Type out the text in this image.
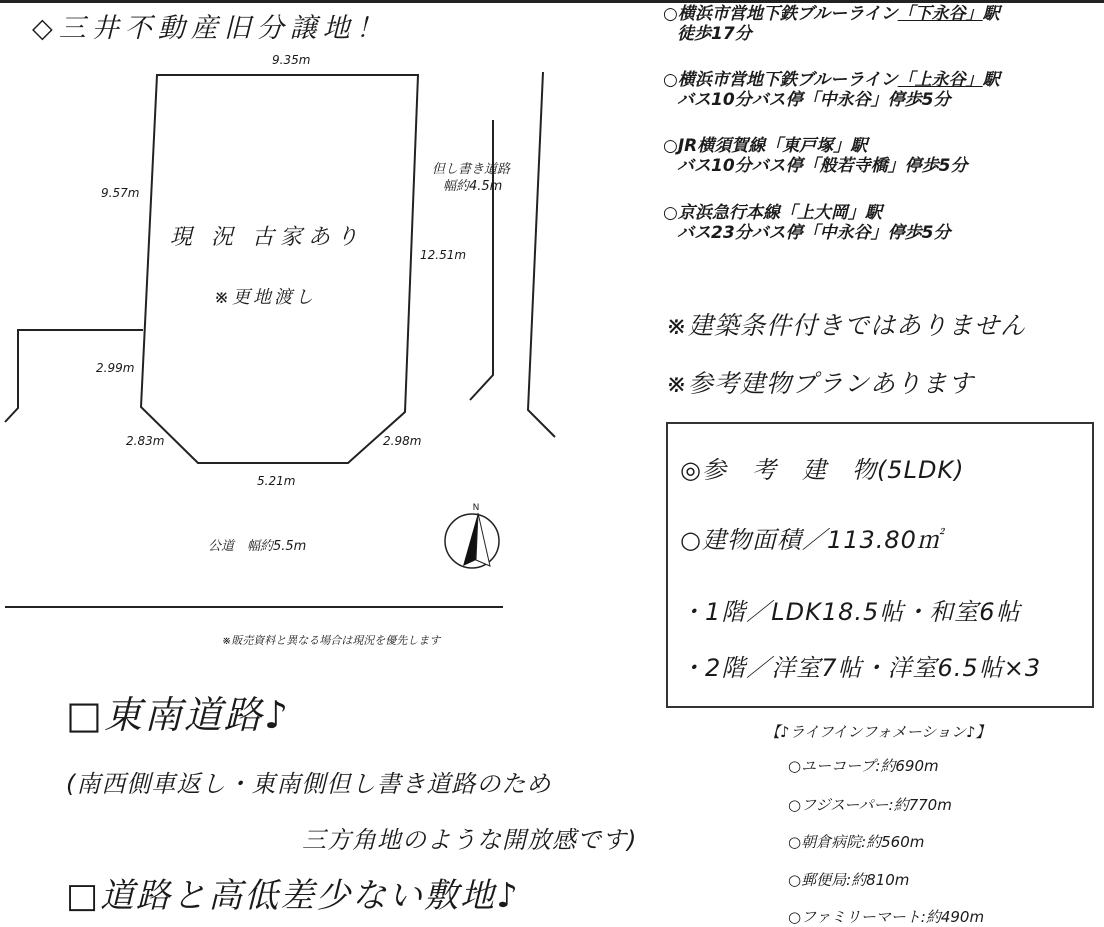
◇三井不動産旧分譲地！
N
9.35m
9.57m
12.51m
2.99m
2.83m	2.98m
5.21m
但し書き道路
幅約4.5m
現 況 古家あり
※更地渡し
公道　幅約5.5m
※販売資料と異なる場合は現況を優先します
○横浜市営地下鉄ブルーライン「下永谷」駅
徒歩17分
○横浜市営地下鉄ブルーライン「上永谷」駅
バス10分バス停「中永谷」停歩5分
○JR横須賀線「東戸塚」駅
バス10分バス停「般若寺橋」停歩5分
○京浜急行本線「上大岡」駅
バス23分バス停「中永谷」停歩5分
※建築条件付きではありません
※参考建物プランあります
◎参　考　建　物(5LDK)
○建物面積／113.80㎡
・1階／LDK18.5帖・和室6帖
・2階／洋室7帖・洋室6.5帖×3
【♪ライフインフォメーション♪】
○ユーコープ:約690m
○フジスーパー:約770m
○朝倉病院:約560m
○郵便局:約810m
○ファミリーマート:約490m
□東南道路♪
(南西側車返し・東南側但し書き道路のため
三方角地のような開放感です)
□道路と高低差少ない敷地♪
